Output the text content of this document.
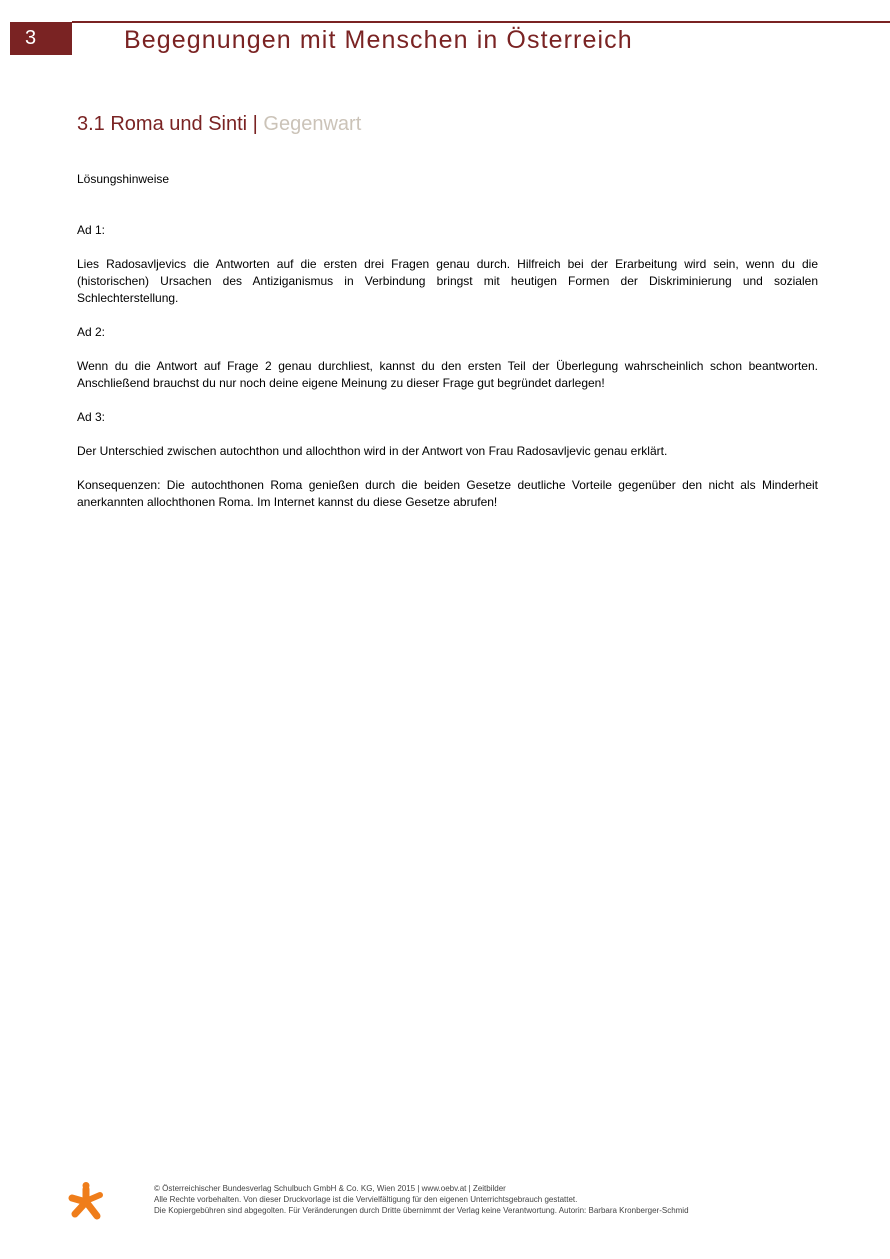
3	Begegnungen mit Menschen in Österreich
3.1 Roma und Sinti | Gegenwart

Lösungshinweise

Ad 1:

Lies Radosavljevics die Antworten auf die ersten drei Fragen genau durch. Hilfreich bei der Erarbeitung wird sein, wenn du die (historischen) Ursachen des Antiziganismus in Verbindung bringst mit heutigen Formen der Diskriminierung und sozialen Schlechterstellung.

Ad 2:

Wenn du die Antwort auf Frage 2 genau durchliest, kannst du den ersten Teil der Überlegung wahrscheinlich schon beantworten. Anschließend brauchst du nur noch deine eigene Meinung zu dieser Frage gut begründet darlegen!

Ad 3:

Der Unterschied zwischen autochthon und allochthon wird in der Antwort von Frau Radosavljevic genau erklärt.

Konsequenzen: Die autochthonen Roma genießen durch die beiden Gesetze deutliche Vorteile gegenüber den nicht als Minderheit anerkannten allochthonen Roma. Im Internet kannst du diese Gesetze abrufen!

© Österreichischer Bundesverlag Schulbuch GmbH & Co. KG, Wien 2015 | www.oebv.at | Zeitbilder
Alle Rechte vorbehalten. Von dieser Druckvorlage ist die Vervielfältigung für den eigenen Unterrichtsgebrauch gestattet.
Die Kopiergebühren sind abgegolten. Für Veränderungen durch Dritte übernimmt der Verlag keine Verantwortung. Autorin: Barbara Kronberger-Schmid
